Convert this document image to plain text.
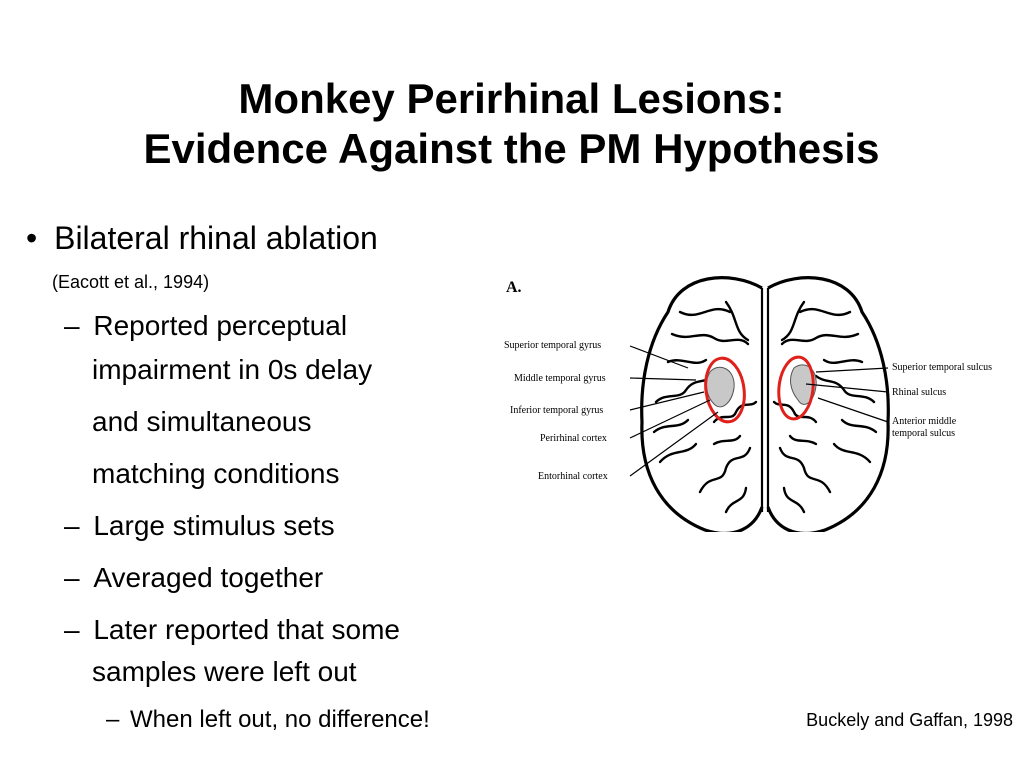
Monkey Perirhinal Lesions:
Evidence Against the PM Hypothesis
• Bilateral rhinal ablation
(Eacott et al., 1994)
– Reported perceptual
impairment in 0s delay
and simultaneous
matching conditions
– Large stimulus sets
– Averaged together
– Later reported that some
samples were left out
– When left out, no difference!
A.
Superior temporal gyrus
Middle temporal gyrus
Inferior temporal gyrus
Perirhinal cortex
Entorhinal cortex
Superior temporal sulcus
Rhinal sulcus
Anterior middle
temporal sulcus
Buckely and Gaffan, 1998
